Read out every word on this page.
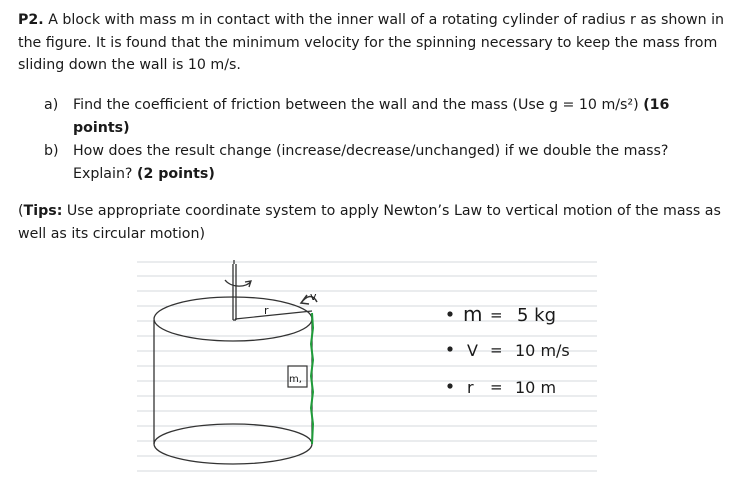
P2. A block with mass m in contact with the inner wall of a rotating cylinder of radius r as shown in the figure. It is found that the minimum velocity for the spinning necessary to keep the mass from sliding down the wall is 10 m/s.
a) Find the coefficient of friction between the wall and the mass (Use g = 10 m/s²) (16 points)
b) How does the result change (increase/decrease/unchanged) if we double the mass? Explain? (2 points)
(Tips: Use appropriate coordinate system to apply Newton’s Law to vertical motion of the mass as well as its circular motion)
r
v
m,
m = 5 kg
V = 10 m/s
r = 10 m
